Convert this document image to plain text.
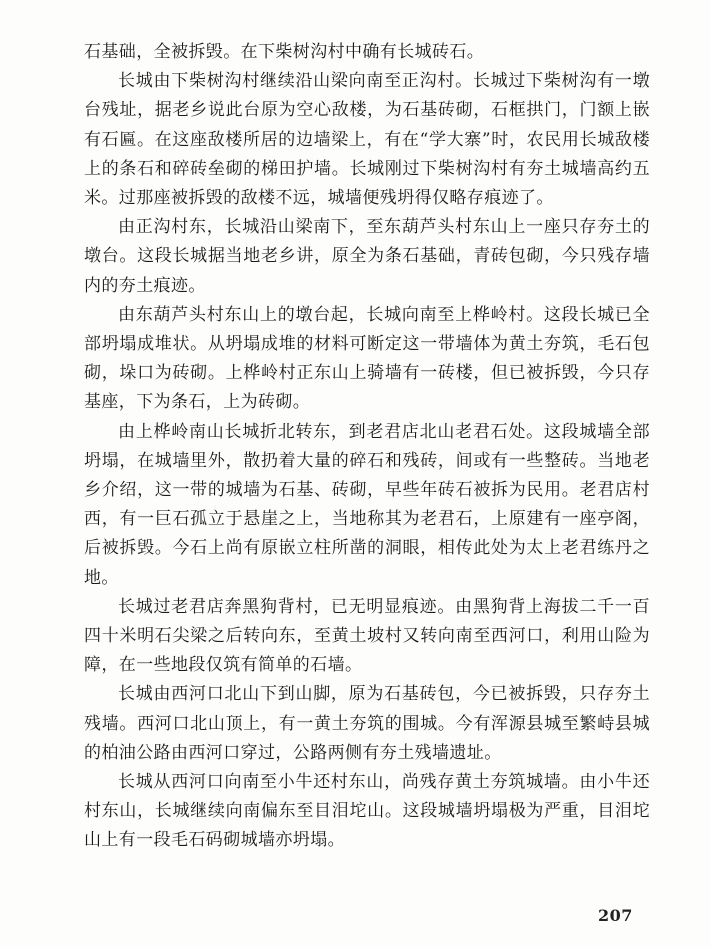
石基础，全被拆毁。在下柴树沟村中确有长城砖石。

长城由下柴树沟村继续沿山梁向南至正沟村。长城过下柴树沟有一墩台残址，据老乡说此台原为空心敌楼，为石基砖砌，石框拱门，门额上嵌有石匾。在这座敌楼所居的边墙梁上，有在“学大寨”时，农民用长城敌楼上的条石和碎砖垒砌的梯田护墙。长城刚过下柴树沟村有夯土城墙高约五米。过那座被拆毁的敌楼不远，城墙便残坍得仅略存痕迹了。

由正沟村东，长城沿山梁南下，至东葫芦头村东山上一座只存夯土的墩台。这段长城据当地老乡讲，原全为条石基础，青砖包砌，今只残存墙内的夯土痕迹。

由东葫芦头村东山上的墩台起，长城向南至上桦岭村。这段长城已全部坍塌成堆状。从坍塌成堆的材料可断定这一带墙体为黄土夯筑，毛石包砌，垛口为砖砌。上桦岭村正东山上骑墙有一砖楼，但已被拆毁，今只存基座，下为条石，上为砖砌。

由上桦岭南山长城折北转东，到老君店北山老君石处。这段城墙全部坍塌，在城墙里外，散扔着大量的碎石和残砖，间或有一些整砖。当地老乡介绍，这一带的城墙为石基、砖砌，早些年砖石被拆为民用。老君店村西，有一巨石孤立于悬崖之上，当地称其为老君石，上原建有一座亭阁，后被拆毁。今石上尚有原嵌立柱所凿的洞眼，相传此处为太上老君练丹之地。

长城过老君店奔黑狗背村，已无明显痕迹。由黑狗背上海拔二千一百四十米明石尖梁之后转向东，至黄土坡村又转向南至西河口，利用山险为障，在一些地段仅筑有简单的石墙。

长城由西河口北山下到山脚，原为石基砖包，今已被拆毁，只存夯土残墙。西河口北山顶上，有一黄土夯筑的围城。今有浑源县城至繁峙县城的柏油公路由西河口穿过，公路两侧有夯土残墙遗址。

长城从西河口向南至小牛还村东山，尚残存黄土夯筑城墙。由小牛还村东山，长城继续向南偏东至目泪坨山。这段城墙坍塌极为严重，目泪坨山上有一段毛石码砌城墙亦坍塌。

207
